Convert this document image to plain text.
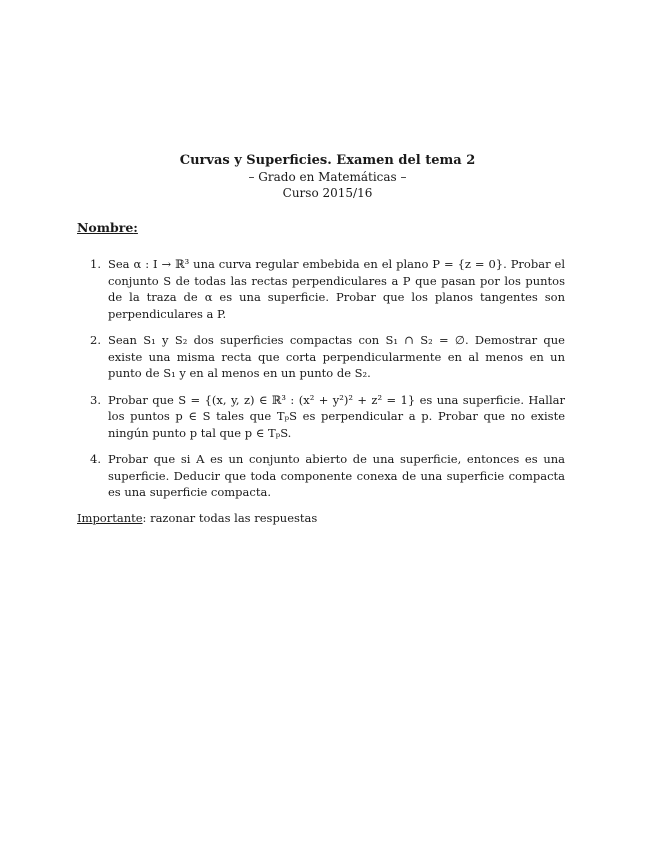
Curvas y Superficies. Examen del tema 2
– Grado en Matemáticas –
Curso 2015/16
Nombre:
1. Sea α : I → ℝ³ una curva regular embebida en el plano P = {z = 0}. Probar el conjunto S de todas las rectas perpendiculares a P que pasan por los puntos de la traza de α es una superficie. Probar que los planos tangentes son perpendiculares a P.
2. Sean S₁ y S₂ dos superficies compactas con S₁ ∩ S₂ = ∅. Demostrar que existe una misma recta que corta perpendicularmente en al menos en un punto de S₁ y en al menos en un punto de S₂.
3. Probar que S = {(x, y, z) ∈ ℝ³ : (x² + y²)² + z² = 1} es una superficie. Hallar los puntos p ∈ S tales que TₚS es perpendicular a p. Probar que no existe ningún punto p tal que p ∈ TₚS.
4. Probar que si A es un conjunto abierto de una superficie, entonces es una superficie. Deducir que toda componente conexa de una superficie compacta es una superficie compacta.
Importante: razonar todas las respuestas
